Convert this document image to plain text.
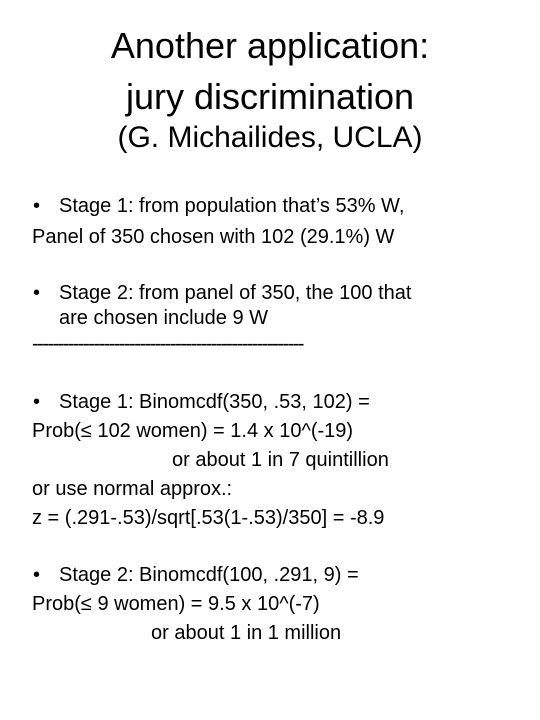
Another application:
jury discrimination
(G. Michailides, UCLA)
• Stage 1: from population that’s 53% W,
Panel of 350 chosen with 102 (29.1%) W
• Stage 2: from panel of 350, the 100 that
are chosen include 9 W
-----------------------------------------------------
• Stage 1: Binomcdf(350, .53, 102) =
Prob(≤ 102 women) = 1.4 x 10^(-19)
or about 1 in 7 quintillion
or use normal approx.:
z = (.291-.53)/sqrt[.53(1-.53)/350] = -8.9
• Stage 2: Binomcdf(100, .291, 9) =
Prob(≤ 9 women) = 9.5 x 10^(-7)
or about 1 in 1 million
